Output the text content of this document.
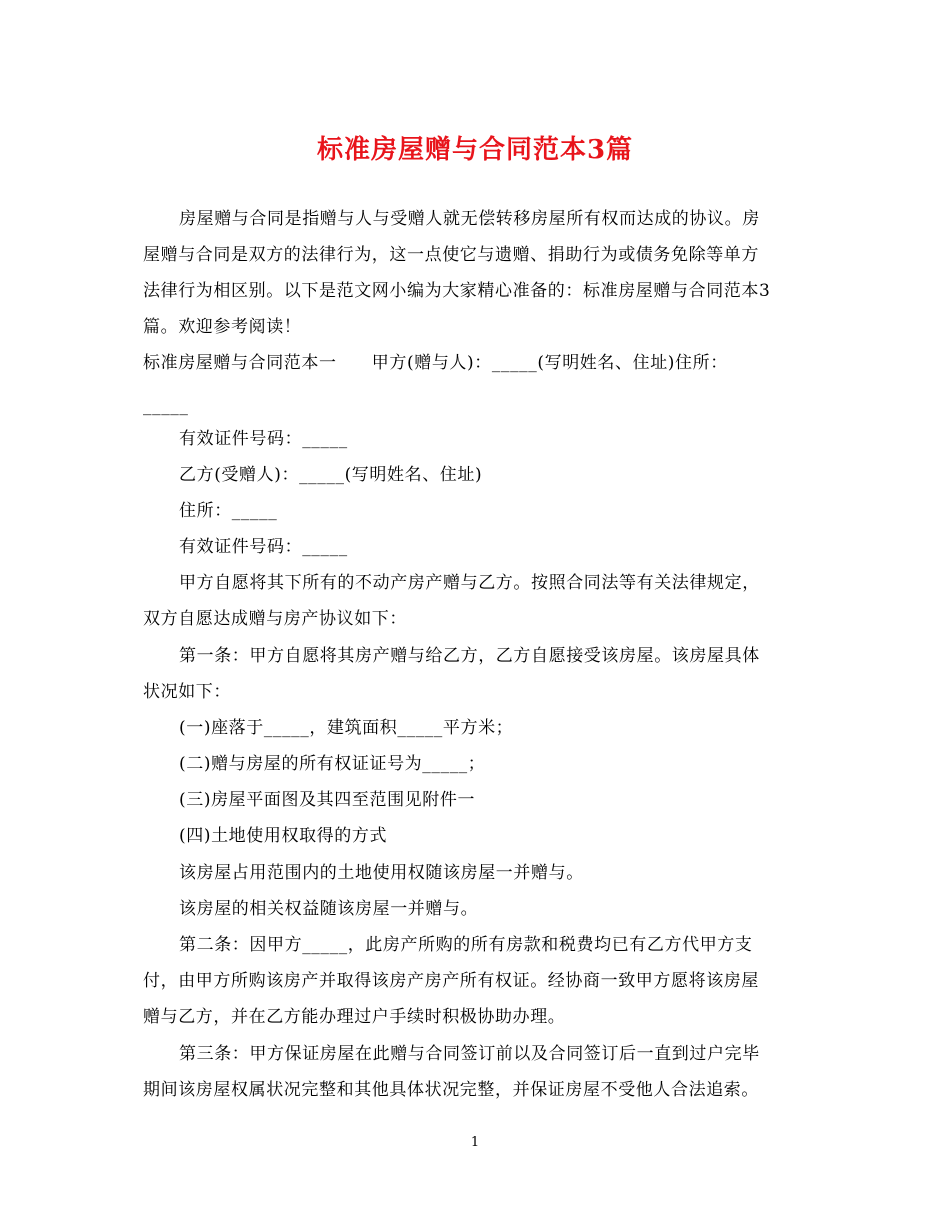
标准房屋赠与合同范本3篇
房屋赠与合同是指赠与人与受赠人就无偿转移房屋所有权而达成的协议。房
屋赠与合同是双方的法律行为，这一点使它与遗赠、捐助行为或债务免除等单方
法律行为相区别。以下是范文网小编为大家精心准备的：标准房屋赠与合同范本3
篇。欢迎参考阅读！
标准房屋赠与合同范本一　　甲方(赠与人)：_____(写明姓名、住址)住所：
_____
有效证件号码：_____
乙方(受赠人)：_____(写明姓名、住址)
住所：_____
有效证件号码：_____
甲方自愿将其下所有的不动产房产赠与乙方。按照合同法等有关法律规定，
双方自愿达成赠与房产协议如下：
第一条：甲方自愿将其房产赠与给乙方，乙方自愿接受该房屋。该房屋具体
状况如下：
(一)座落于_____，建筑面积_____平方米；
(二)赠与房屋的所有权证证号为_____；
(三)房屋平面图及其四至范围见附件一
(四)土地使用权取得的方式
该房屋占用范围内的土地使用权随该房屋一并赠与。
该房屋的相关权益随该房屋一并赠与。
第二条：因甲方_____，此房产所购的所有房款和税费均已有乙方代甲方支
付，由甲方所购该房产并取得该房产房产所有权证。经协商一致甲方愿将该房屋
赠与乙方，并在乙方能办理过户手续时积极协助办理。
第三条：甲方保证房屋在此赠与合同签订前以及合同签订后一直到过户完毕
期间该房屋权属状况完整和其他具体状况完整，并保证房屋不受他人合法追索。
1
